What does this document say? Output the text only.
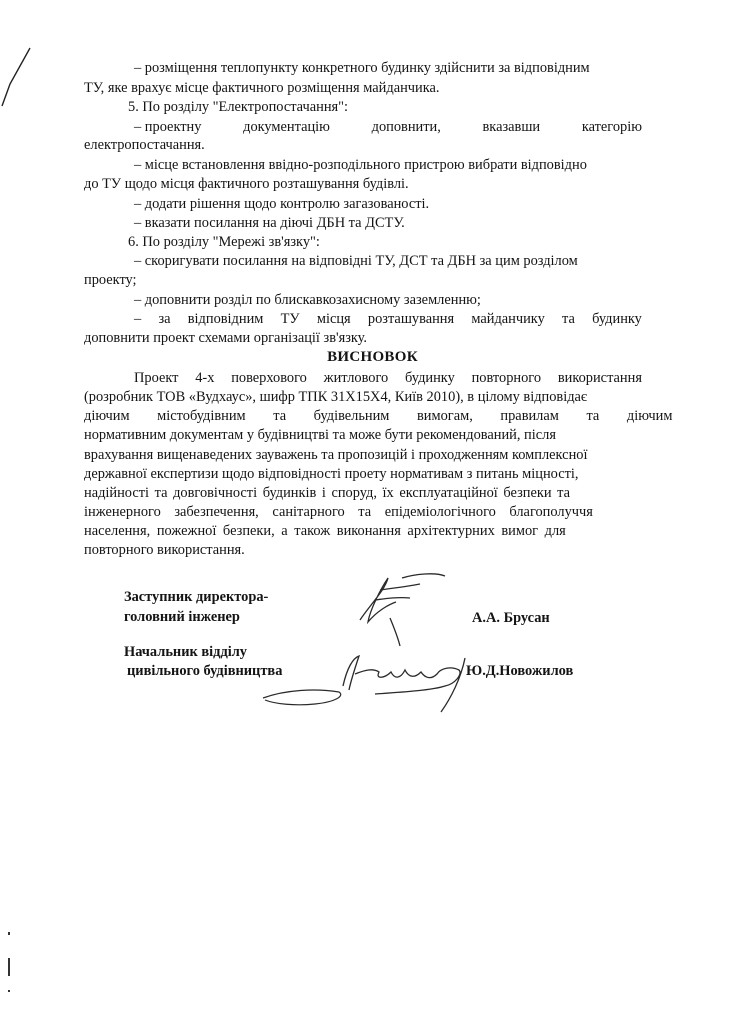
– розміщення теплопункту конкретного будинку здійснити за відповідним
ТУ, яке врахує місце фактичного розміщення майданчика.
5. По розділу "Електропостачання":
– проектну	документацію	доповнити,	вказавши	категорію
електропостачання.
– місце встановлення ввідно-розподільного пристрою вибрати відповідно
до ТУ щодо місця фактичного розташування будівлі.
– додати рішення щодо контролю загазованості.
– вказати посилання на діючі ДБН та ДСТУ.
6. По розділу "Мережі зв'язку":
– скоригувати посилання на відповідні ТУ, ДСТ та ДБН за цим розділом
проекту;
– доповнити розділ по блискавкозахисному заземленню;
– за відповідним ТУ місця розташування майданчику та будинку
доповнити проект схемами організації зв'язку.
ВИСНОВОК
Проект 4-х поверхового житлового будинку повторного використання
(розробник ТОВ «Вудхаус», шифр ТПК 31Х15Х4, Київ 2010), в цілому відповідає
діючим містобудівним та будівельним вимогам, правилам та діючим
нормативним документам у будівництві та може бути рекомендований, після
врахування вищенаведених зауважень та пропозицій і проходженням комплексної
державної експертизи щодо відповідності проету нормативам з питань міцності,
надійності та довговічності будинків і споруд, їх експлуатаційної безпеки та
інженерного забезпечення, санітарного та епідеміологічного благополуччя
населення, пожежної безпеки, а також виконання архітектурних вимог для
повторного використання.
Заступник директора-
головний інженер	А.А. Брусан
Начальник відділу
цивільного будівництва	Ю.Д.Новожилов
